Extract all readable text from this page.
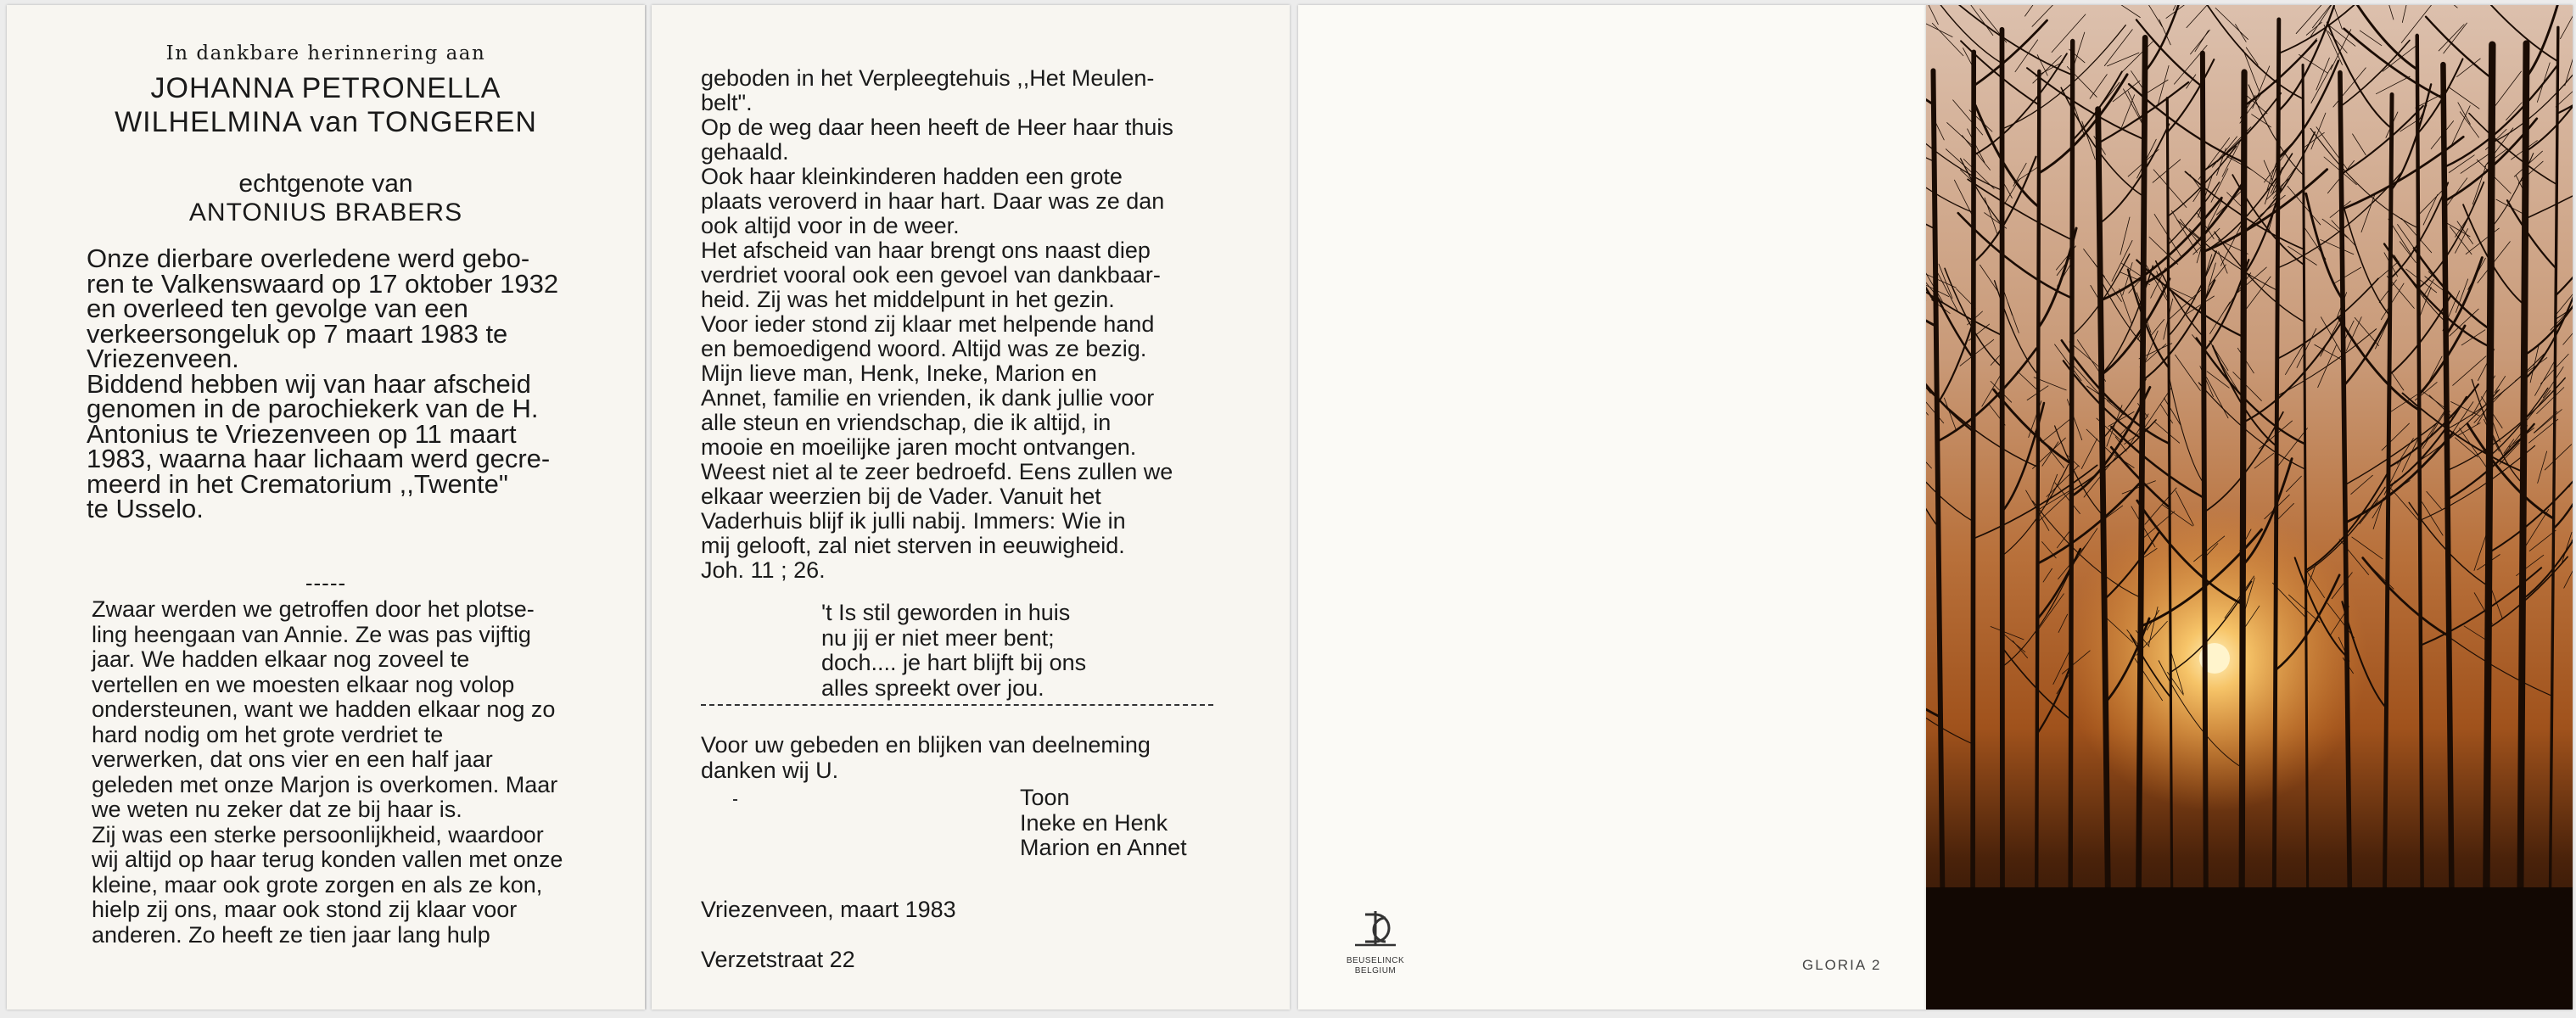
In dankbare herinnering aan
JOHANNA PETRONELLA
WILHELMINA van TONGEREN
echtgenote van
ANTONIUS BRABERS

Onze dierbare overledene werd gebo-
ren te Valkenswaard op 17 oktober 1932
en overleed ten gevolge van een
verkeersongeluk op 7 maart 1983 te
Vriezenveen.
Biddend hebben wij van haar afscheid
genomen in de parochiekerk van de H.
Antonius te Vriezenveen op 11 maart
1983, waarna haar lichaam werd gecre-
meerd in het Crematorium ,,Twente"
te Usselo.

-----

Zwaar werden we getroffen door het plotse-
ling heengaan van Annie. Ze was pas vijftig
jaar. We hadden elkaar nog zoveel te
vertellen en we moesten elkaar nog volop
ondersteunen, want we hadden elkaar nog zo
hard nodig om het grote verdriet te
verwerken, dat ons vier en een half jaar
geleden met onze Marjon is overkomen. Maar
we weten nu zeker dat ze bij haar is.
Zij was een sterke persoonlijkheid, waardoor
wij altijd op haar terug konden vallen met onze
kleine, maar ook grote zorgen en als ze kon,
hielp zij ons, maar ook stond zij klaar voor
anderen. Zo heeft ze tien jaar lang hulp

geboden in het Verpleegtehuis ,,Het Meulen-
belt".
Op de weg daar heen heeft de Heer haar thuis
gehaald.
Ook haar kleinkinderen hadden een grote
plaats veroverd in haar hart. Daar was ze dan
ook altijd voor in de weer.
Het afscheid van haar brengt ons naast diep
verdriet vooral ook een gevoel van dankbaar-
heid. Zij was het middelpunt in het gezin.
Voor ieder stond zij klaar met helpende hand
en bemoedigend woord. Altijd was ze bezig.
Mijn lieve man, Henk, Ineke, Marion en
Annet, familie en vrienden, ik dank jullie voor
alle steun en vriendschap, die ik altijd, in
mooie en moeilijke jaren mocht ontvangen.
Weest niet al te zeer bedroefd. Eens zullen we
elkaar weerzien bij de Vader. Vanuit het
Vaderhuis blijf ik julli nabij. Immers: Wie in
mij gelooft, zal niet sterven in eeuwigheid.
Joh. 11 ; 26.

't Is stil geworden in huis
nu jij er niet meer bent;
doch.... je hart blijft bij ons
alles spreekt over jou.

Voor uw gebeden en blijken van deelneming
danken wij U.

Toon
Ineke en Henk
Marion en Annet

Vriezenveen, maart 1983

Verzetstraat 22	BEUSELINCK
BELGIUM	GLORIA 2
